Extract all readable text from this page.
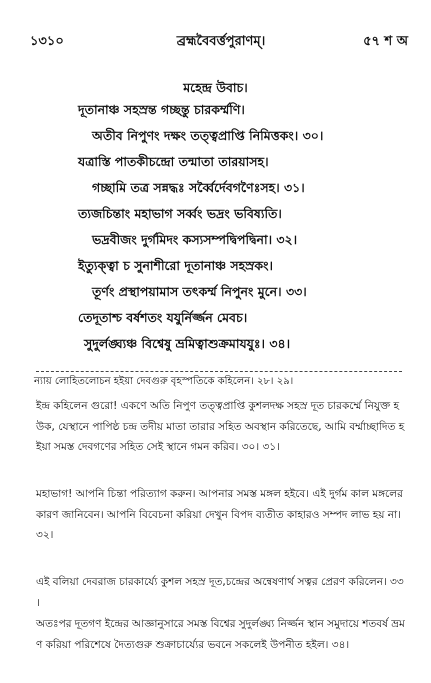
১৩১০	ব্রহ্মবৈবর্ত্তপুরাণম্।	৫৭ শ অ
মহেন্দ্র উবাচ।
দূতানাঞ্চ সহস্রন্ত গচ্ছন্তু চারকর্ম্মণি।
অতীব নিপুণং দক্ষং তত্ত্বপ্রাপ্তি নিমিত্তকং। ৩০।
যত্রাস্তি পাতকীচন্দ্রো তন্মাতা তারয়াসহ।
গচ্ছামি তত্র সন্নদ্ধঃ সর্ব্বৈর্দেবগণৈঃসহ। ৩১।
ত্যজচিন্তাং মহাভাগ সর্ব্বং ভদ্রং ভবিষ্যতি।
ভদ্রবীজং দুর্গমিদং কস্যসম্পদ্বিপদ্বিনা। ৩২।
ইত্যুক্ত্বা চ সুনাশীরো দূতানাঞ্চ সহস্রকং।
তূর্ণং প্রস্থাপয়ামাস তৎকর্ম্ম নিপুনং মুনে। ৩৩।
তেদূতাশ্চ বর্ষশতং যযুর্নির্জ্জন মেবচ।
সুদুর্লঙ্ঘ্যঞ্চ বিশ্বেষু ভ্রমিত্বাশুক্রমাযযুঃ। ৩৪।
ন্যায় লোহিতলোচন হইয়া দেবগুরু বৃহস্পতিকে কহিলেন। ২৮। ২৯।
ইন্দ্র কহিলেন গুরো! একণে অতি নিপুণ তত্ত্বপ্রাপ্তি কুশলদক্ষ সহস্র দূত চারকর্ম্মে নিযুক্ত হউক, যেস্থানে পাপিষ্ঠ চন্দ্র তদীয় মাতা তারার সহিত অবস্থান করিতেছে, আমি বর্ম্মাচ্ছাদিত হইয়া সমস্ত দেবগণের সহিত সেই স্থানে গমন করিব। ৩০। ৩১।
মহাভাগ! আপনি চিন্তা পরিত্যাগ করুন। আপনার সমস্ত মঙ্গল হইবে। এই দুর্গম কাল মঙ্গলের কারণ জানিবেন। আপনি বিবেচনা করিয়া দেখুন বিপদ ব্যতীত কাহারও সম্পদ লাভ হয় না। ৩২।
এই বলিয়া দেবরাজ চারকার্য্যে কুশল সহস্র দূত,চন্দ্রের অন্বেষণার্থ সত্বর প্রেরণ করিলেন। ৩৩।
অতঃপর দূতগণ ইন্দ্রের আজ্ঞানুসারে সমস্ত বিশ্বের সুদুর্লঙ্ঘ্য নির্জ্জন স্থান সমুদায়ে শতবর্ষ ভ্রমণ করিয়া পরিশেষে দৈত্যগুরু শুক্রাচার্য্যের ভবনে সকলেই উপনীত হইল। ৩৪।
